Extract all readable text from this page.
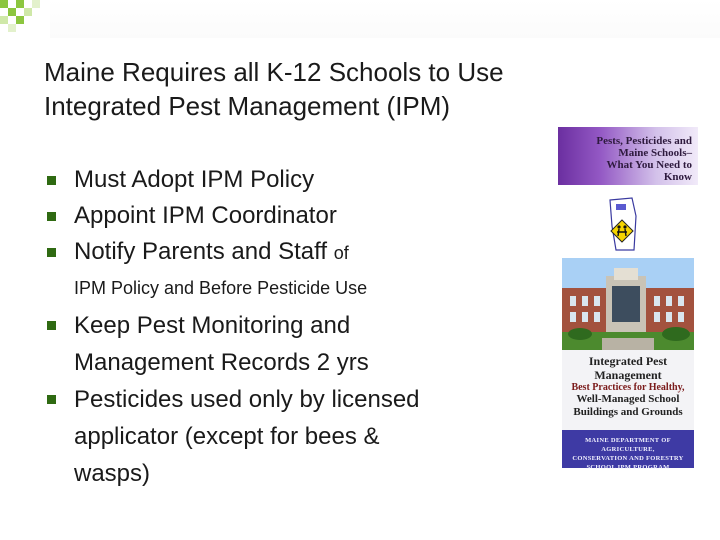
Maine Requires all K-12 Schools to Use
Integrated Pest Management (IPM)
Must Adopt IPM Policy
Appoint IPM Coordinator
Notify Parents and Staff of
IPM Policy and Before Pesticide Use
Keep Pest Monitoring and Management Records 2 yrs
Pesticides used only by licensed applicator (except for bees & wasps)
Pests, Pesticides and
Maine Schools–
What You Need to
Know
Integrated Pest
Management
Best Practices for Healthy,
Well-Managed School
Buildings and Grounds
MAINE DEPARTMENT OF AGRICULTURE,
CONSERVATION AND FORESTRY
SCHOOL IPM PROGRAM
